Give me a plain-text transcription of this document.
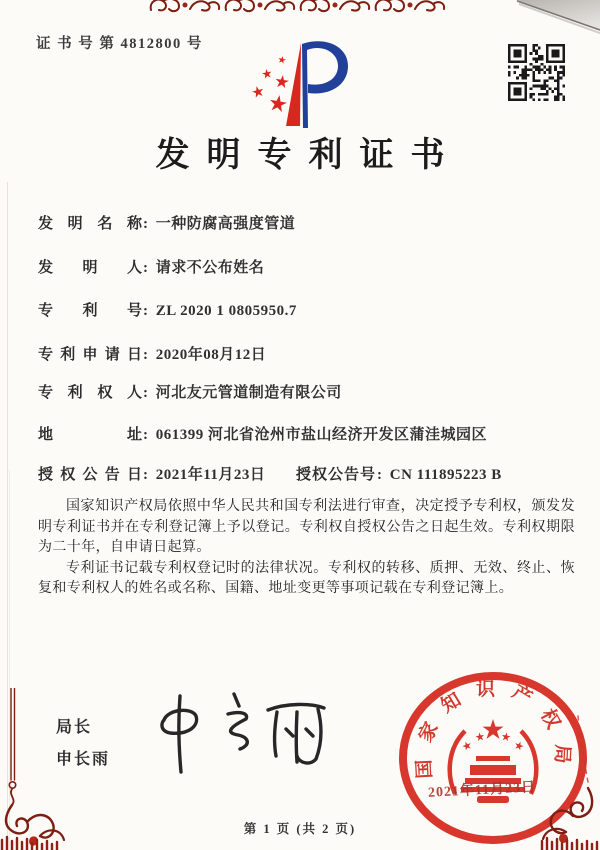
证 书 号 第 4812800 号
发明专利证书
发明名称: 一种防腐高强度管道
发明人: 请求不公布姓名
专利号: ZL 2020 1 0805950.7
专利申请日: 2020年08月12日
专利权人: 河北友元管道制造有限公司
地址: 061399 河北省沧州市盐山经济开发区蒲洼城园区
授权公告日: 2021年11月23日 授权公告号: CN 111895223 B

国家知识产权局依照中华人民共和国专利法进行审查，决定授予专利权，颁发发明专利证书并在专利登记簿上予以登记。专利权自授权公告之日起生效。专利权期限为二十年，自申请日起算。

专利证书记载专利权登记时的法律状况。专利权的转移、质押、无效、终止、恢复和专利权人的姓名或名称、国籍、地址变更等事项记载在专利登记簿上。

局长
申长雨	国家知识产权局
2021年11月23日
第 1 页 (共 2 页)
